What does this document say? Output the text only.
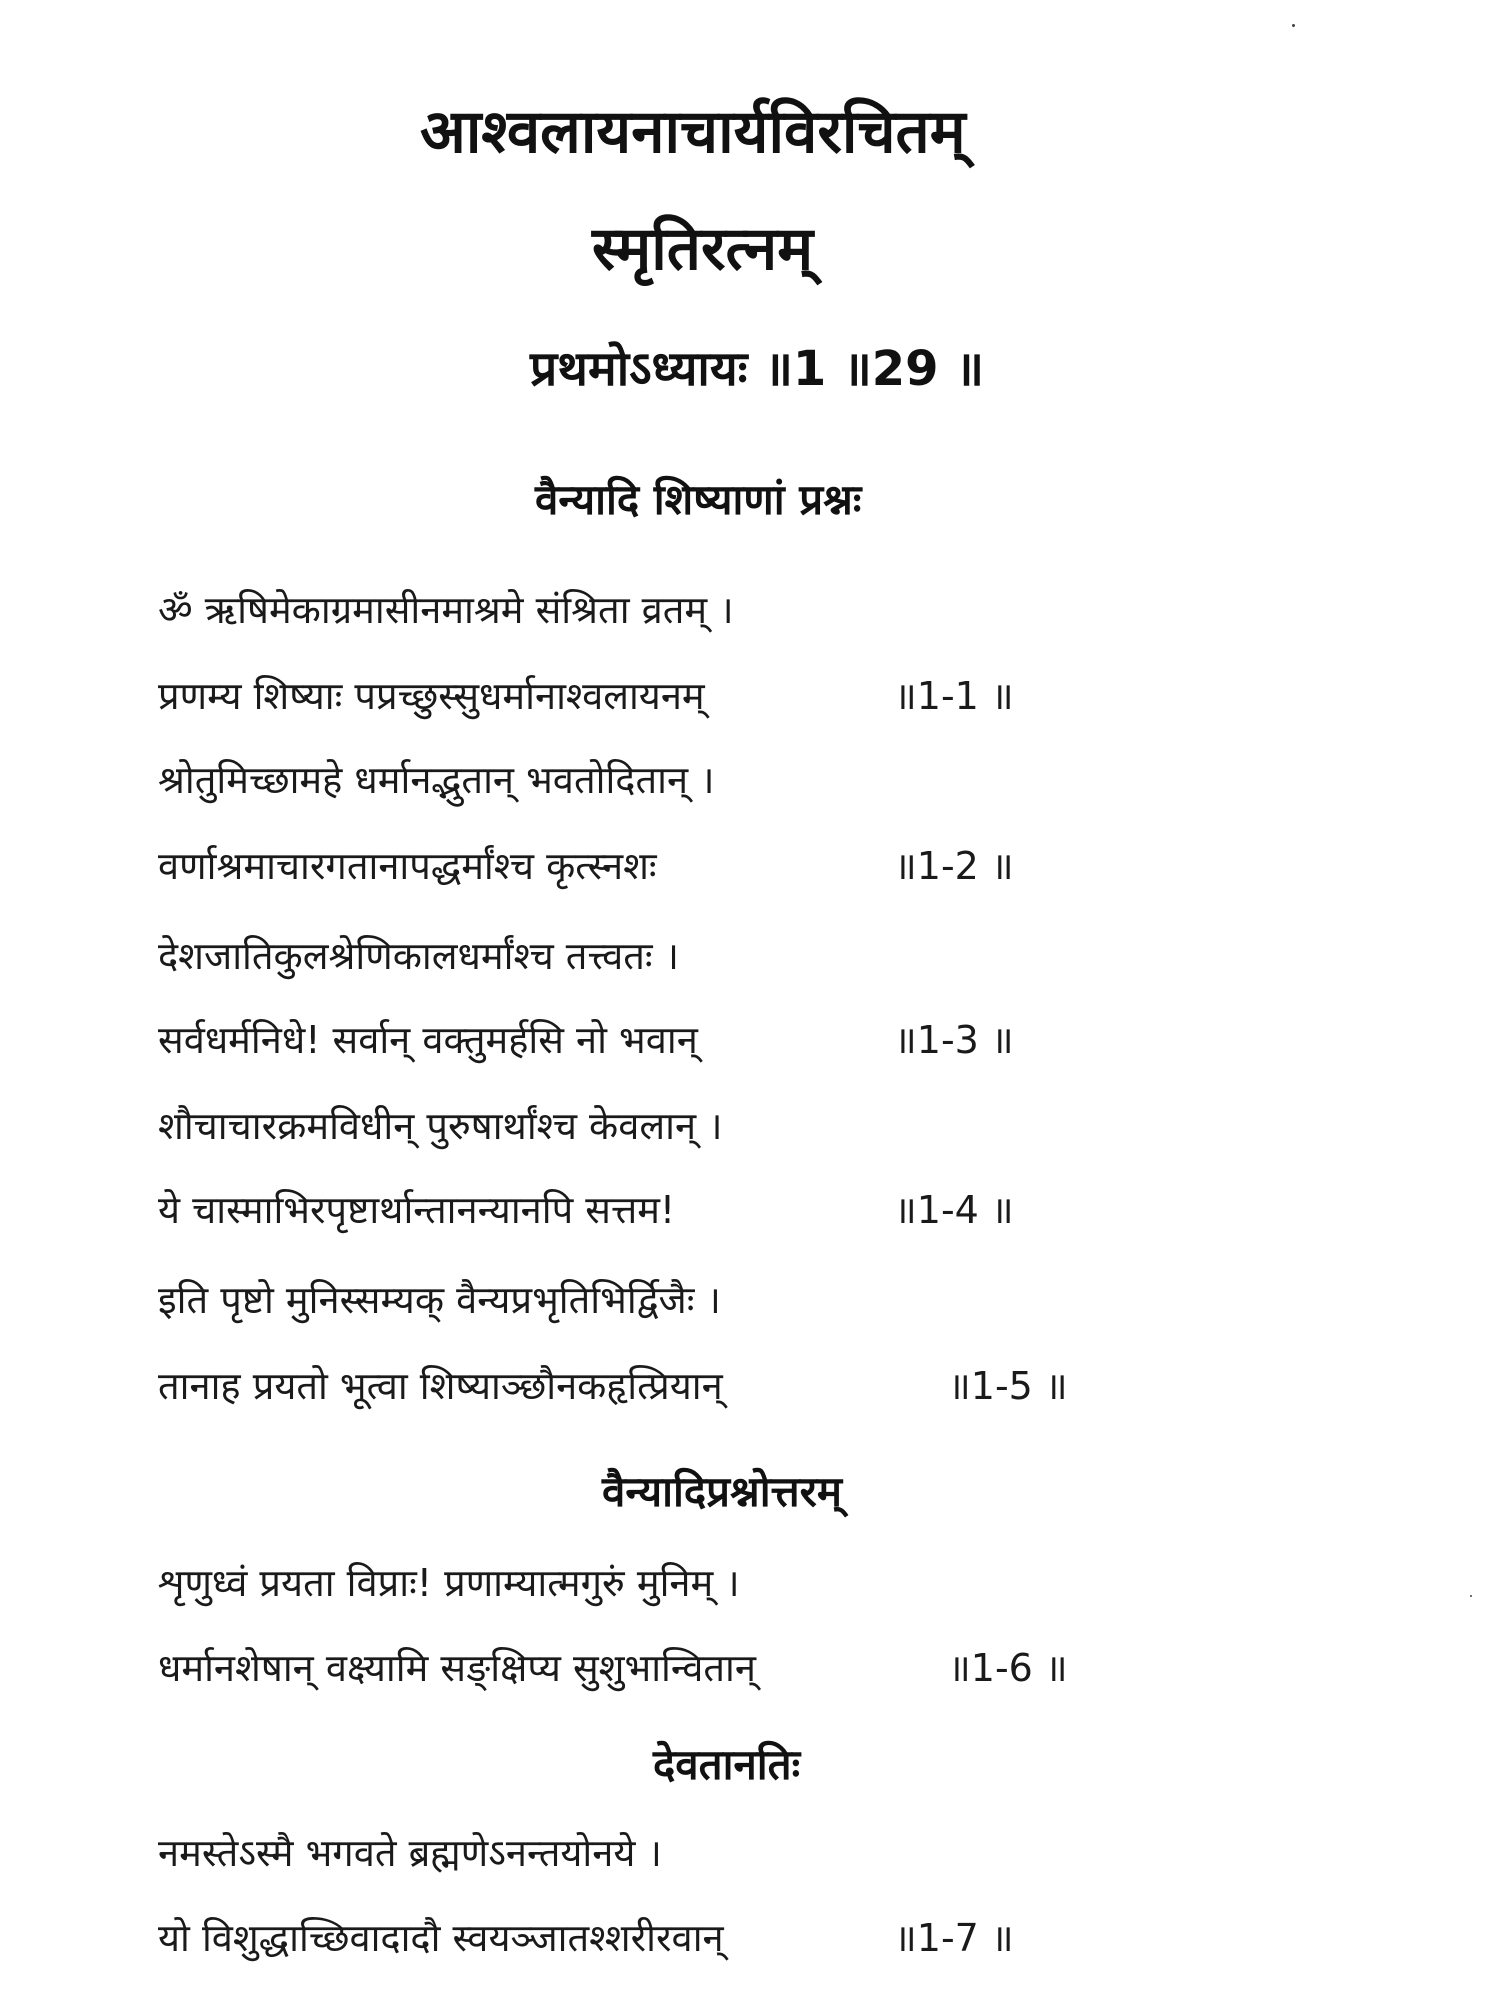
आश्वलायनाचार्यविरचितम्
स्मृतिरत्नम्
प्रथमोऽध्यायः ॥1 ॥29 ॥
वैन्यादि शिष्याणां प्रश्नः
ॐ ऋषिमेकाग्रमासीनमाश्रमे संश्रिता व्रतम् ।
प्रणम्य शिष्याः पप्रच्छुस्सुधर्मानाश्वलायनम्	॥1-1 ॥
श्रोतुमिच्छामहे धर्मानद्भुतान् भवतोदितान् ।
वर्णाश्रमाचारगतानापद्धर्मांश्च कृत्स्नशः	॥1-2 ॥
देशजातिकुलश्रेणिकालधर्मांश्च तत्त्वतः ।
सर्वधर्मनिधे! सर्वान् वक्तुमर्हसि नो भवान्	॥1-3 ॥
शौचाचारक्रमविधीन् पुरुषार्थांश्च केवलान् ।
ये चास्माभिरपृष्टार्थान्तानन्यानपि सत्तम!	॥1-4 ॥
इति पृष्टो मुनिस्सम्यक् वैन्यप्रभृतिभिर्द्विजैः ।
तानाह प्रयतो भूत्वा शिष्याञ्छौनकहृत्प्रियान्	॥1-5 ॥
वैन्यादिप्रश्नोत्तरम्
शृणुध्वं प्रयता विप्राः! प्रणाम्यात्मगुरुं मुनिम् ।
धर्मानशेषान् वक्ष्यामि सङ्क्षिप्य सुशुभान्वितान्	॥1-6 ॥
देवतानतिः
नमस्तेऽस्मै भगवते ब्रह्मणेऽनन्तयोनये ।
यो विशुद्धाच्छिवादादौ स्वयञ्जातश्शरीरवान्	॥1-7 ॥
